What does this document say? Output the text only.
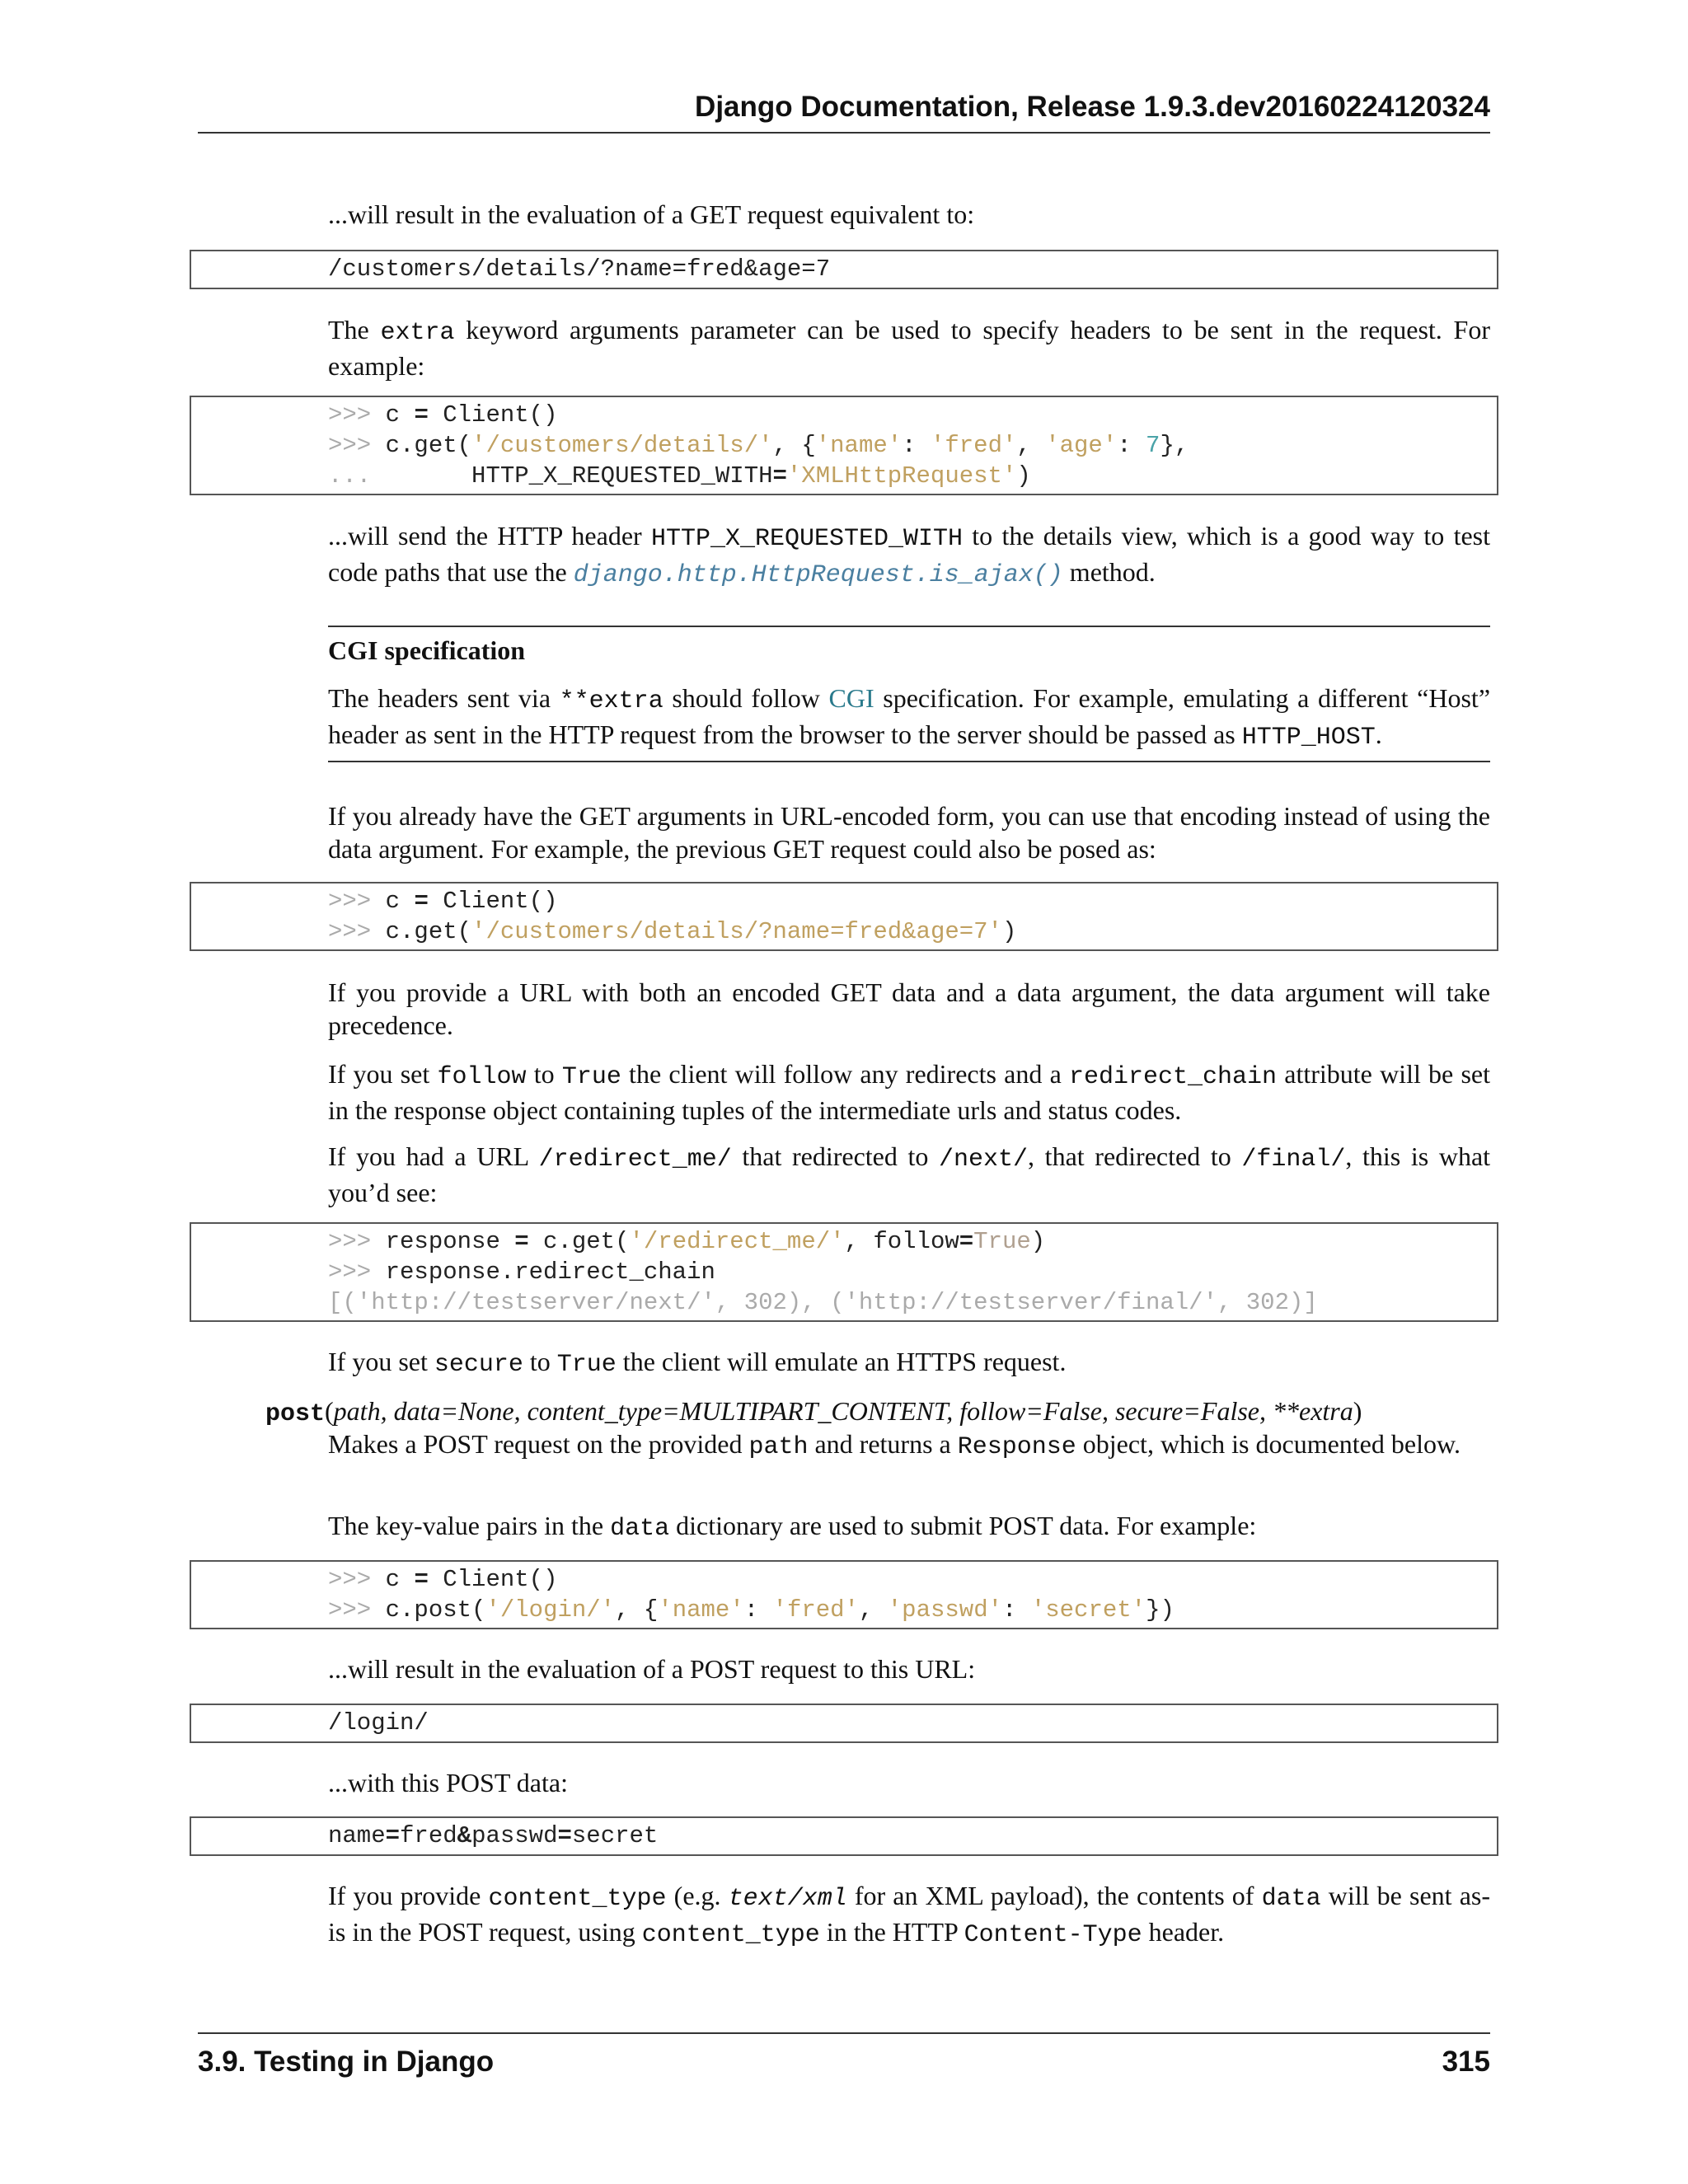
Django Documentation, Release 1.9.3.dev20160224120324
...will result in the evaluation of a GET request equivalent to:
/customers/details/?name=fred&age=7
The extra keyword arguments parameter can be used to specify headers to be sent in the request. For example:
>>> c = Client()
>>> c.get('/customers/details/', {'name': 'fred', 'age': 7},
...       HTTP_X_REQUESTED_WITH='XMLHttpRequest')
...will send the HTTP header HTTP_X_REQUESTED_WITH to the details view, which is a good way to test code paths that use the django.http.HttpRequest.is_ajax() method.
CGI specification
The headers sent via **extra should follow CGI specification. For example, emulating a different “Host” header as sent in the HTTP request from the browser to the server should be passed as HTTP_HOST.
If you already have the GET arguments in URL-encoded form, you can use that encoding instead of using the data argument. For example, the previous GET request could also be posed as:
>>> c = Client()
>>> c.get('/customers/details/?name=fred&age=7')
If you provide a URL with both an encoded GET data and a data argument, the data argument will take precedence.
If you set follow to True the client will follow any redirects and a redirect_chain attribute will be set in the response object containing tuples of the intermediate urls and status codes.
If you had a URL /redirect_me/ that redirected to /next/, that redirected to /final/, this is what you’d see:
>>> response = c.get('/redirect_me/', follow=True)
>>> response.redirect_chain
[('http://testserver/next/', 302), ('http://testserver/final/', 302)]
If you set secure to True the client will emulate an HTTPS request.
post(path, data=None, content_type=MULTIPART_CONTENT, follow=False, secure=False, **extra)
Makes a POST request on the provided path and returns a Response object, which is documented below.
The key-value pairs in the data dictionary are used to submit POST data. For example:
>>> c = Client()
>>> c.post('/login/', {'name': 'fred', 'passwd': 'secret'})
...will result in the evaluation of a POST request to this URL:
/login/
...with this POST data:
name=fred&passwd=secret
If you provide content_type (e.g. text/xml for an XML payload), the contents of data will be sent as-is in the POST request, using content_type in the HTTP Content-Type header.
3.9. Testing in Django	315
